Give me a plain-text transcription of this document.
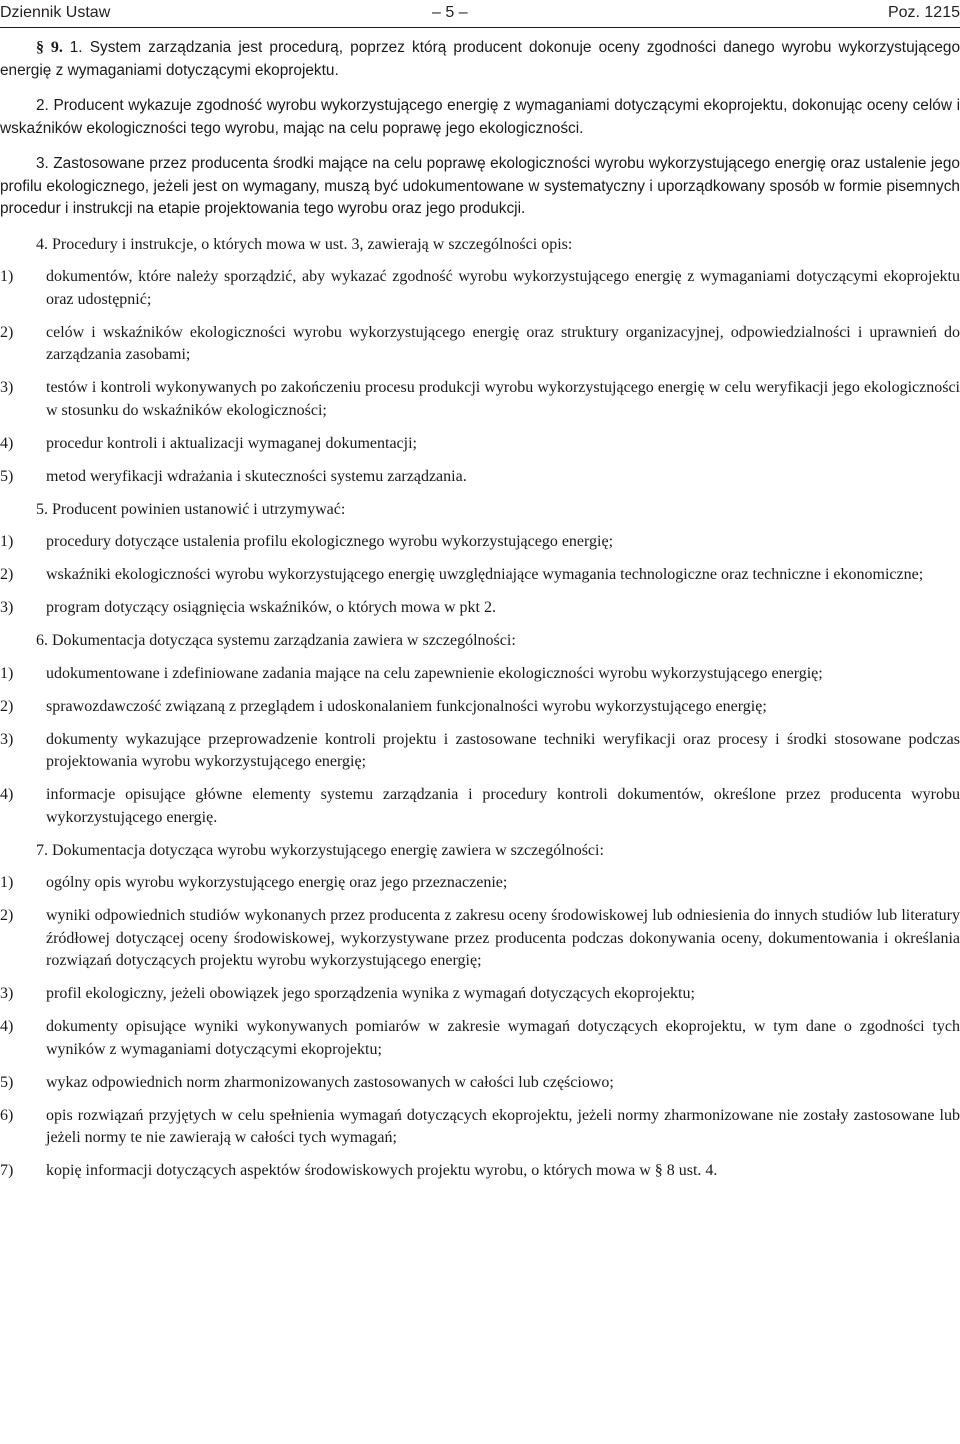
Dziennik Ustaw	– 5 –	Poz. 1215

§ 9. 1. System zarządzania jest procedurą, poprzez którą producent dokonuje oceny zgodności danego wyrobu wykorzystującego energię z wymaganiami dotyczącymi ekoprojektu.

2. Producent wykazuje zgodność wyrobu wykorzystującego energię z wymaganiami dotyczącymi ekoprojektu, dokonując oceny celów i wskaźników ekologiczności tego wyrobu, mając na celu poprawę jego ekologiczności.

3. Zastosowane przez producenta środki mające na celu poprawę ekologiczności wyrobu wykorzystującego energię oraz ustalenie jego profilu ekologicznego, jeżeli jest on wymagany, muszą być udokumentowane w systematyczny i uporządkowany sposób w formie pisemnych procedur i instrukcji na etapie projektowania tego wyrobu oraz jego produkcji.

4. Procedury i instrukcje, o których mowa w ust. 3, zawierają w szczególności opis:

1)	dokumentów, które należy sporządzić, aby wykazać zgodność wyrobu wykorzystującego energię z wymaganiami dotyczącymi ekoprojektu oraz udostępnić;
2)	celów i wskaźników ekologiczności wyrobu wykorzystującego energię oraz struktury organizacyjnej, odpowiedzialności i uprawnień do zarządzania zasobami;
3)	testów i kontroli wykonywanych po zakończeniu procesu produkcji wyrobu wykorzystującego energię w celu weryfikacji jego ekologiczności w stosunku do wskaźników ekologiczności;
4)	procedur kontroli i aktualizacji wymaganej dokumentacji;
5)	metod weryfikacji wdrażania i skuteczności systemu zarządzania.

5. Producent powinien ustanowić i utrzymywać:

1)	procedury dotyczące ustalenia profilu ekologicznego wyrobu wykorzystującego energię;
2)	wskaźniki ekologiczności wyrobu wykorzystującego energię uwzględniające wymagania technologiczne oraz techniczne i ekonomiczne;
3)	program dotyczący osiągnięcia wskaźników, o których mowa w pkt 2.

6. Dokumentacja dotycząca systemu zarządzania zawiera w szczególności:

1)	udokumentowane i zdefiniowane zadania mające na celu zapewnienie ekologiczności wyrobu wykorzystującego energię;
2)	sprawozdawczość związaną z przeglądem i udoskonalaniem funkcjonalności wyrobu wykorzystującego energię;
3)	dokumenty wykazujące przeprowadzenie kontroli projektu i zastosowane techniki weryfikacji oraz procesy i środki stosowane podczas projektowania wyrobu wykorzystującego energię;
4)	informacje opisujące główne elementy systemu zarządzania i procedury kontroli dokumentów, określone przez producenta wyrobu wykorzystującego energię.

7. Dokumentacja dotycząca wyrobu wykorzystującego energię zawiera w szczególności:

1)	ogólny opis wyrobu wykorzystującego energię oraz jego przeznaczenie;
2)	wyniki odpowiednich studiów wykonanych przez producenta z zakresu oceny środowiskowej lub odniesienia do innych studiów lub literatury źródłowej dotyczącej oceny środowiskowej, wykorzystywane przez producenta podczas dokonywania oceny, dokumentowania i określania rozwiązań dotyczących projektu wyrobu wykorzystującego energię;
3)	profil ekologiczny, jeżeli obowiązek jego sporządzenia wynika z wymagań dotyczących ekoprojektu;
4)	dokumenty opisujące wyniki wykonywanych pomiarów w zakresie wymagań dotyczących ekoprojektu, w tym dane o zgodności tych wyników z wymaganiami dotyczącymi ekoprojektu;
5)	wykaz odpowiednich norm zharmonizowanych zastosowanych w całości lub częściowo;
6)	opis rozwiązań przyjętych w celu spełnienia wymagań dotyczących ekoprojektu, jeżeli normy zharmonizowane nie zostały zastosowane lub jeżeli normy te nie zawierają w całości tych wymagań;
7)	kopię informacji dotyczących aspektów środowiskowych projektu wyrobu, o których mowa w § 8 ust. 4.
